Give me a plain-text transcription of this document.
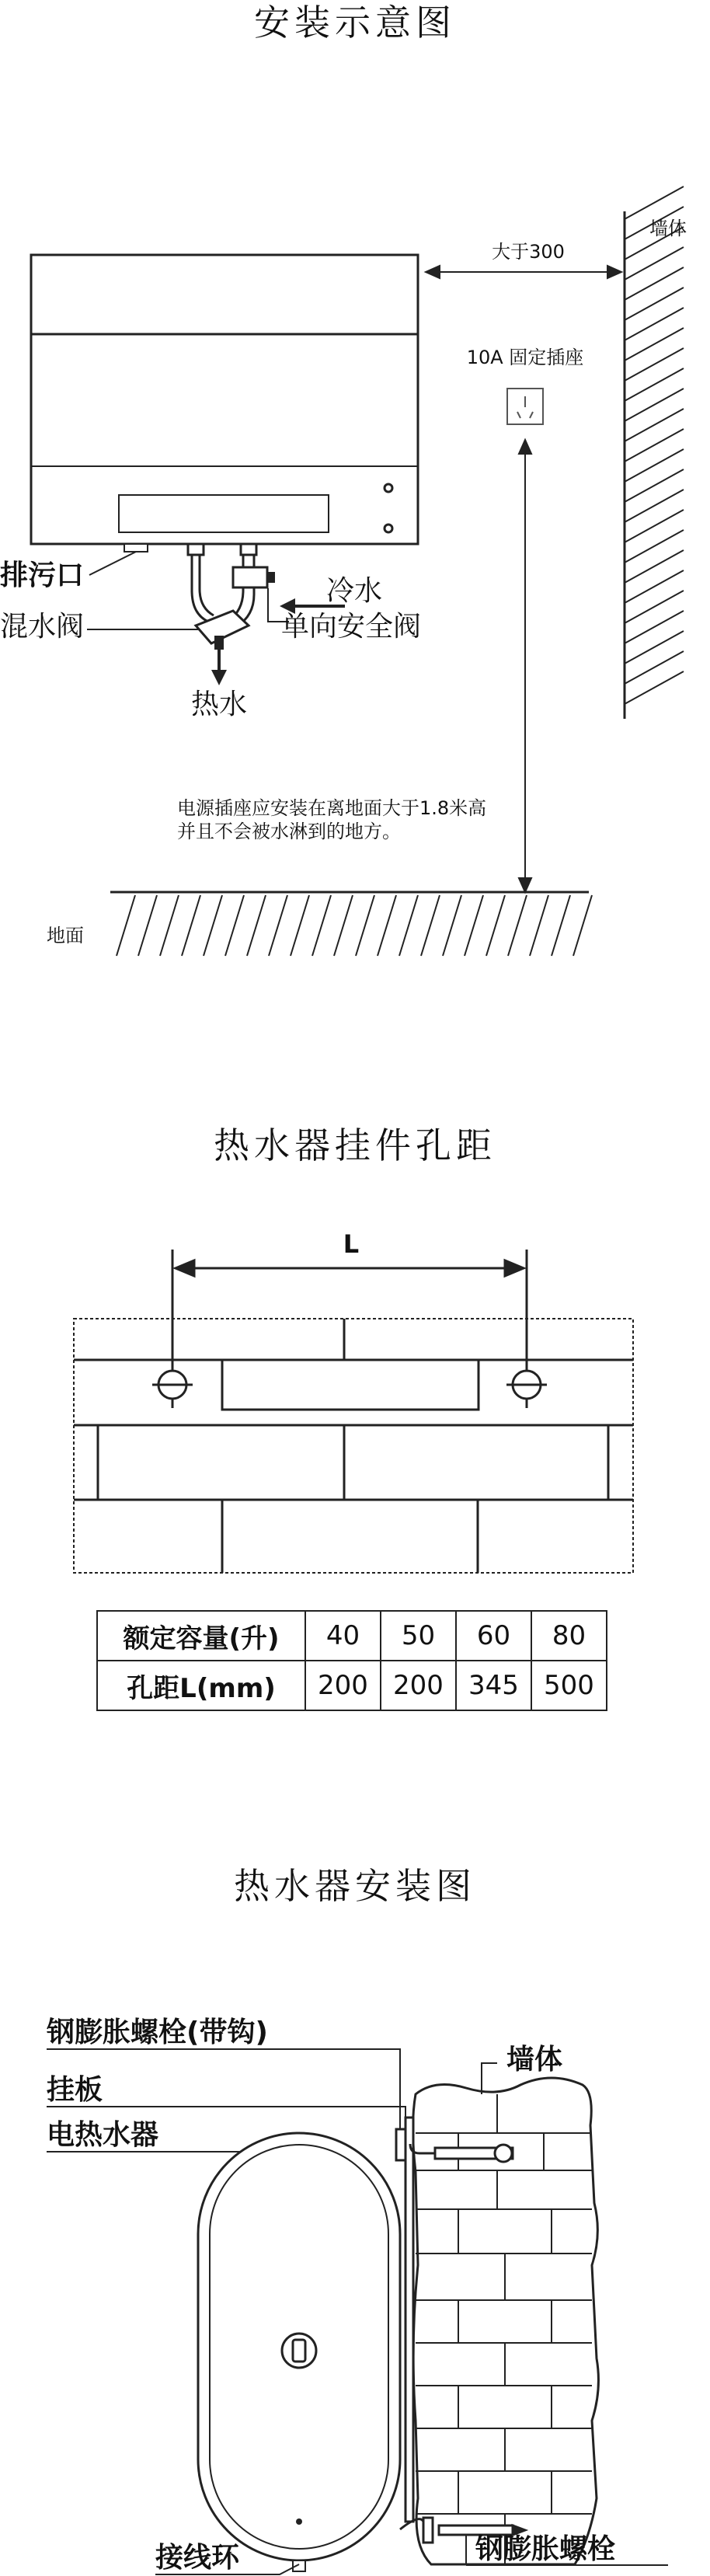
安装示意图
墙体
大于300
10A 固定插座
排污口
混水阀
冷水
单向安全阀
热水
电源插座应安装在离地面大于1.8米高
并且不会被水淋到的地方。
地面
热水器挂件孔距
L
额定容量(升)	40	50	60	80
孔距L(mm)	200	200	345	500
热水器安装图
钢膨胀螺栓(带钩)
墙体
挂板
电热水器
接线环	钢膨胀螺栓
